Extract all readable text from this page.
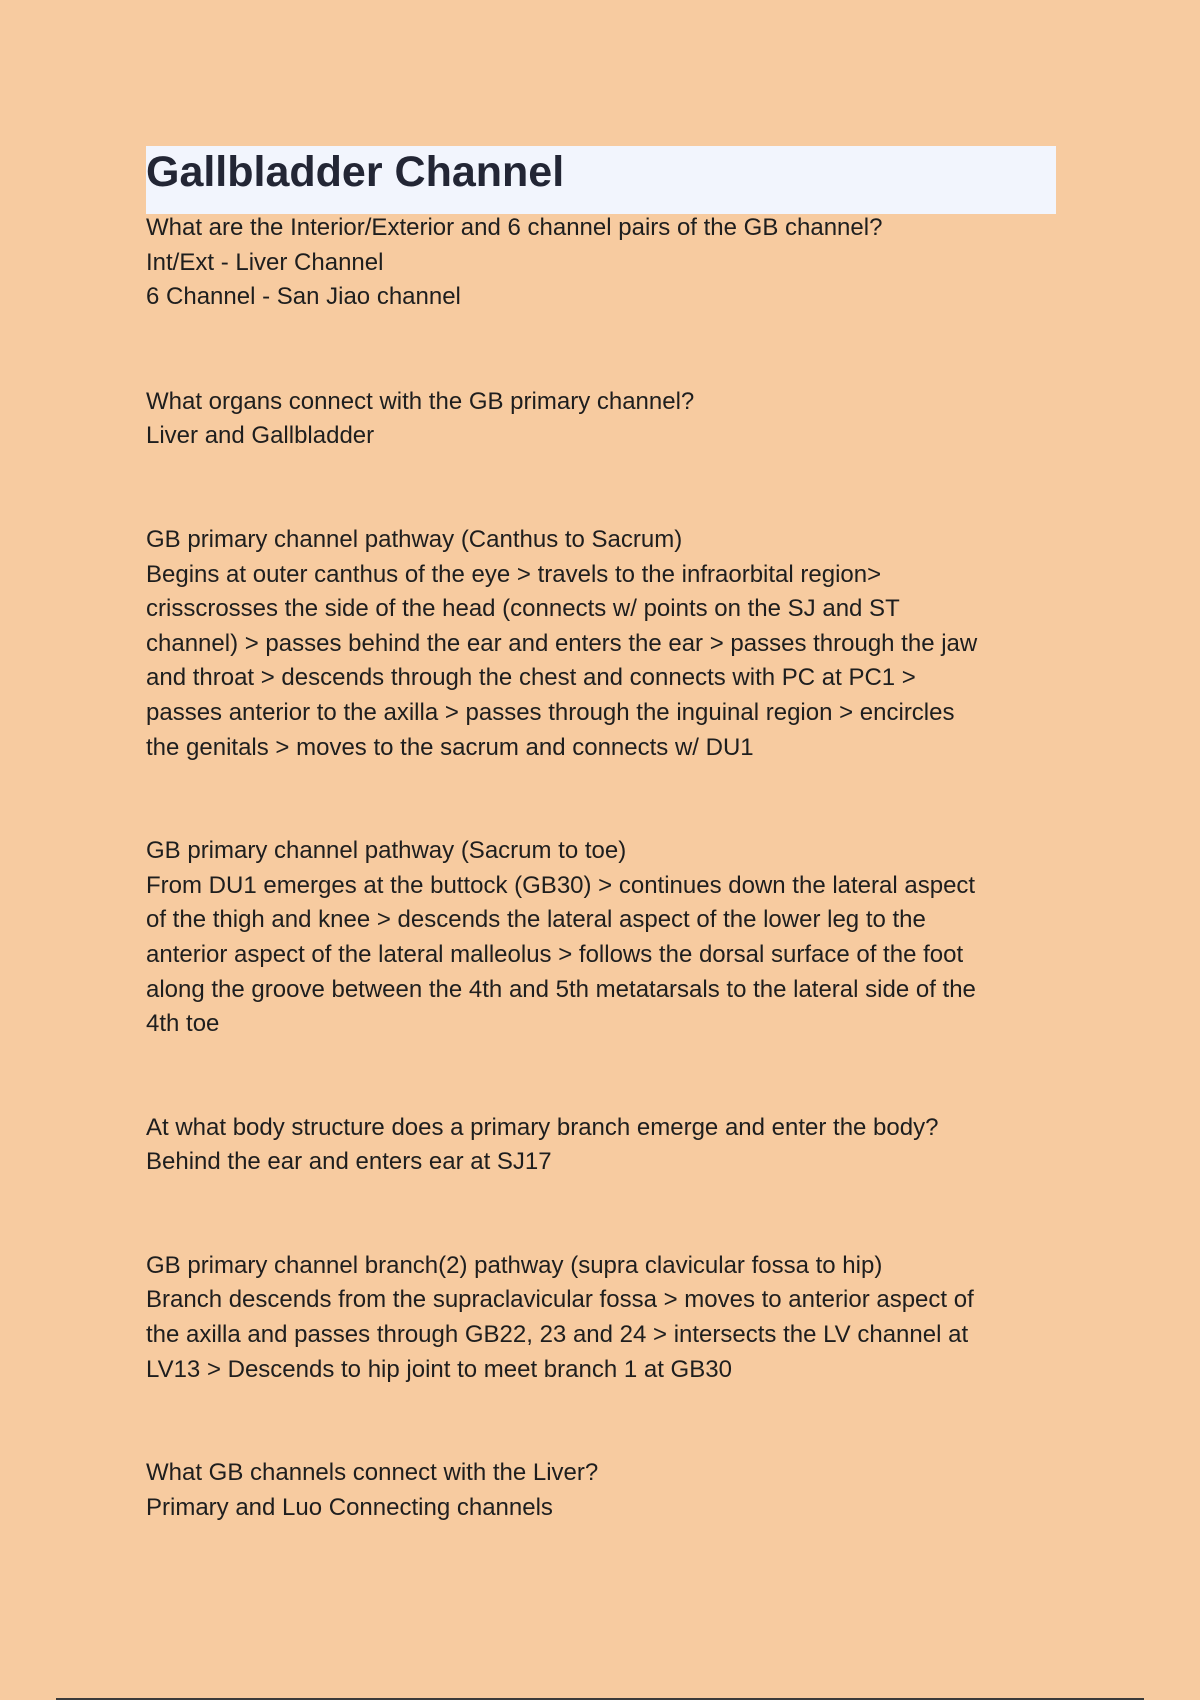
Gallbladder Channel
What are the Interior/Exterior and 6 channel pairs of the GB channel?
Int/Ext - Liver Channel
6 Channel - San Jiao channel
What organs connect with the GB primary channel?
Liver and Gallbladder
GB primary channel pathway (Canthus to Sacrum)
Begins at outer canthus of the eye > travels to the infraorbital region>
crisscrosses the side of the head (connects w/ points on the SJ and ST
channel) > passes behind the ear and enters the ear > passes through the jaw
and throat > descends through the chest and connects with PC at PC1 >
passes anterior to the axilla > passes through the inguinal region > encircles
the genitals > moves to the sacrum and connects w/ DU1
GB primary channel pathway (Sacrum to toe)
From DU1 emerges at the buttock (GB30) > continues down the lateral aspect
of the thigh and knee > descends the lateral aspect of the lower leg to the
anterior aspect of the lateral malleolus > follows the dorsal surface of the foot
along the groove between the 4th and 5th metatarsals to the lateral side of the
4th toe
At what body structure does a primary branch emerge and enter the body?
Behind the ear and enters ear at SJ17
GB primary channel branch(2) pathway (supra clavicular fossa to hip)
Branch descends from the supraclavicular fossa > moves to anterior aspect of
the axilla and passes through GB22, 23 and 24 > intersects the LV channel at
LV13 > Descends to hip joint to meet branch 1 at GB30
What GB channels connect with the Liver?
Primary and Luo Connecting channels
